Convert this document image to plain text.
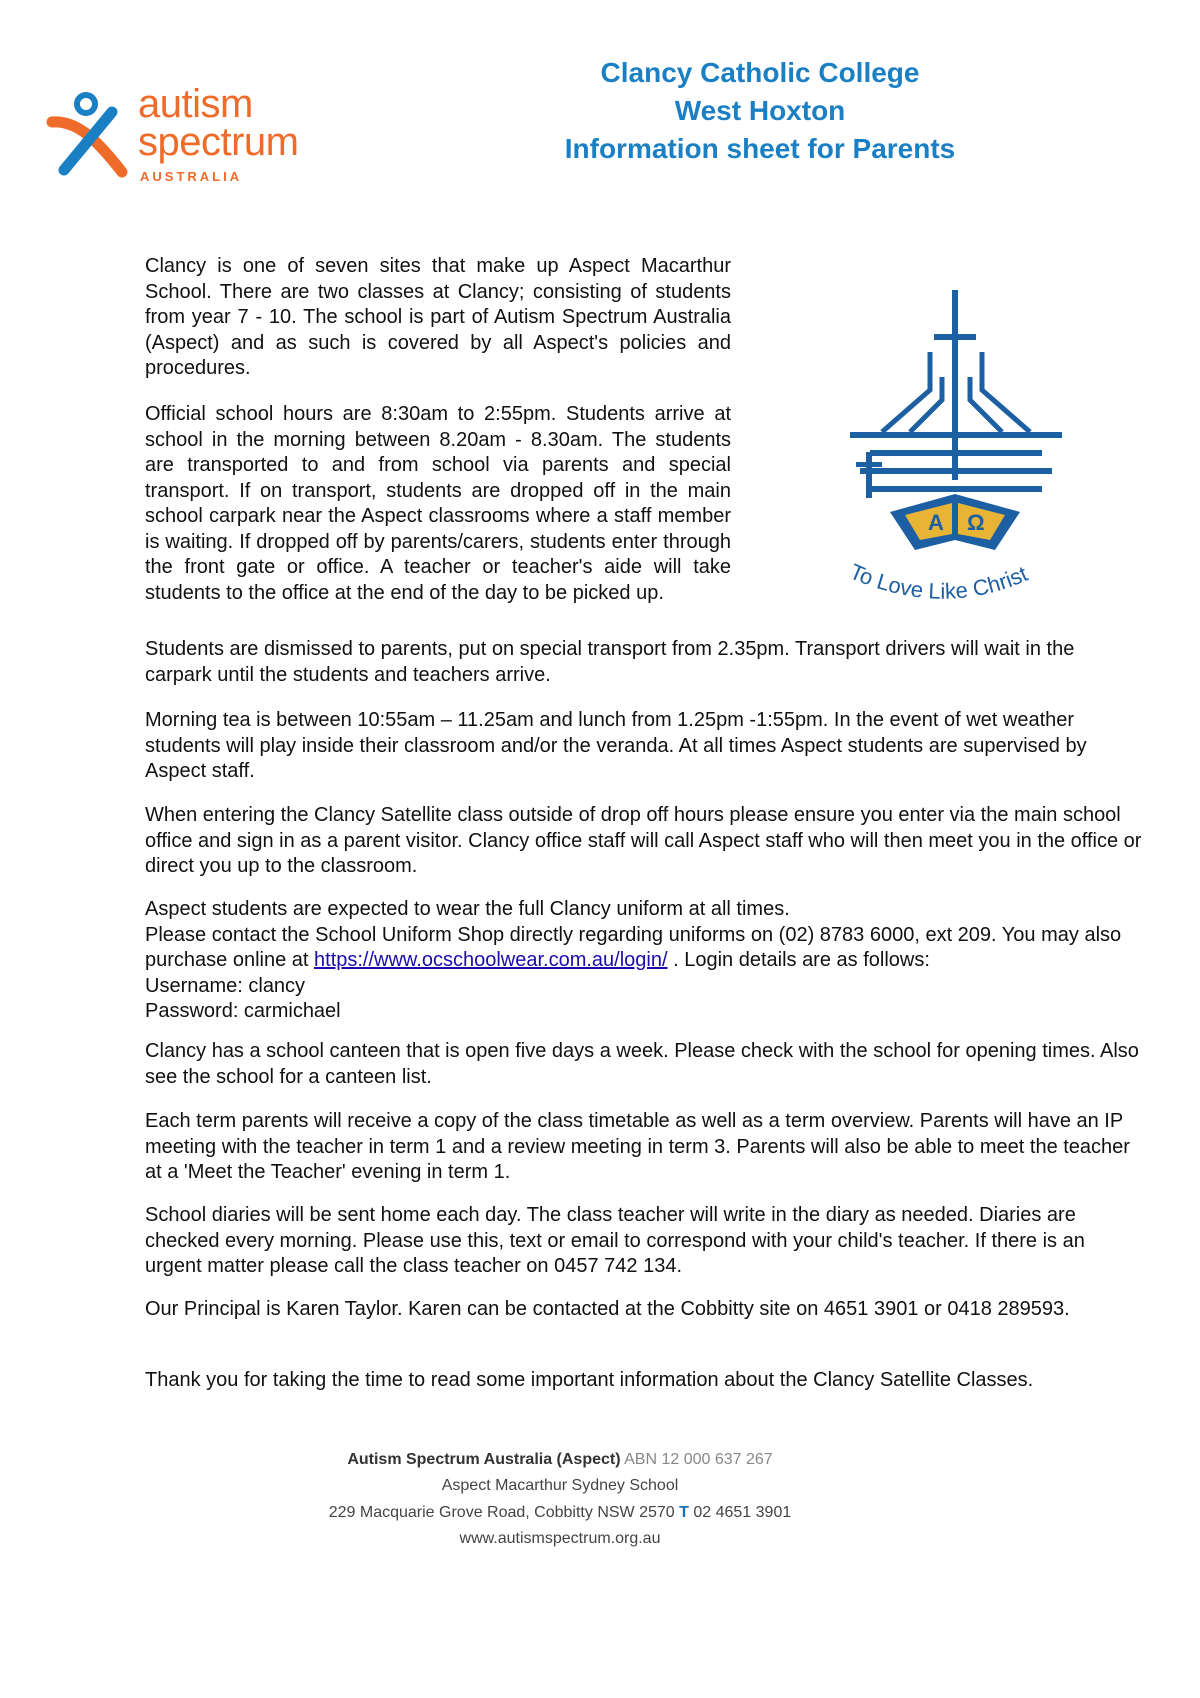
autism
spectrum
AUSTRALIA
Clancy Catholic College
West Hoxton
Information sheet for Parents
A Ω
To Love Like Christ

Clancy is one of seven sites that make up Aspect Macarthur School. There are two classes at Clancy; consisting of students from year 7 - 10. The school is part of Autism Spectrum Australia (Aspect) and as such is covered by all Aspect's policies and procedures.

Official school hours are 8:30am to 2:55pm. Students arrive at school in the morning between 8.20am - 8.30am. The students are transported to and from school via parents and special transport. If on transport, students are dropped off in the main school carpark near the Aspect classrooms where a staff member is waiting. If dropped off by parents/carers, students enter through the front gate or office. A teacher or teacher's aide will take students to the office at the end of the day to be picked up.

Students are dismissed to parents, put on special transport from 2.35pm. Transport drivers will wait in the carpark until the students and teachers arrive.

Morning tea is between 10:55am – 11.25am and lunch from 1.25pm -1:55pm. In the event of wet weather students will play inside their classroom and/or the veranda. At all times Aspect students are supervised by Aspect staff.

When entering the Clancy Satellite class outside of drop off hours please ensure you enter via the main school office and sign in as a parent visitor. Clancy office staff will call Aspect staff who will then meet you in the office or direct you up to the classroom.

Aspect students are expected to wear the full Clancy uniform at all times.
Please contact the School Uniform Shop directly regarding uniforms on (02) 8783 6000, ext 209. You may also purchase online at https://www.ocschoolwear.com.au/login/ . Login details are as follows:
Username: clancy
Password: carmichael

Clancy has a school canteen that is open five days a week. Please check with the school for opening times. Also see the school for a canteen list.

Each term parents will receive a copy of the class timetable as well as a term overview. Parents will have an IP meeting with the teacher in term 1 and a review meeting in term 3. Parents will also be able to meet the teacher at a 'Meet the Teacher' evening in term 1.

School diaries will be sent home each day. The class teacher will write in the diary as needed. Diaries are checked every morning. Please use this, text or email to correspond with your child's teacher. If there is an urgent matter please call the class teacher on 0457 742 134.

Our Principal is Karen Taylor. Karen can be contacted at the Cobbitty site on 4651 3901 or 0418 289593.

Thank you for taking the time to read some important information about the Clancy Satellite Classes.

Autism Spectrum Australia (Aspect) ABN 12 000 637 267
Aspect Macarthur Sydney School
229 Macquarie Grove Road, Cobbitty NSW 2570 T 02 4651 3901
www.autismspectrum.org.au
